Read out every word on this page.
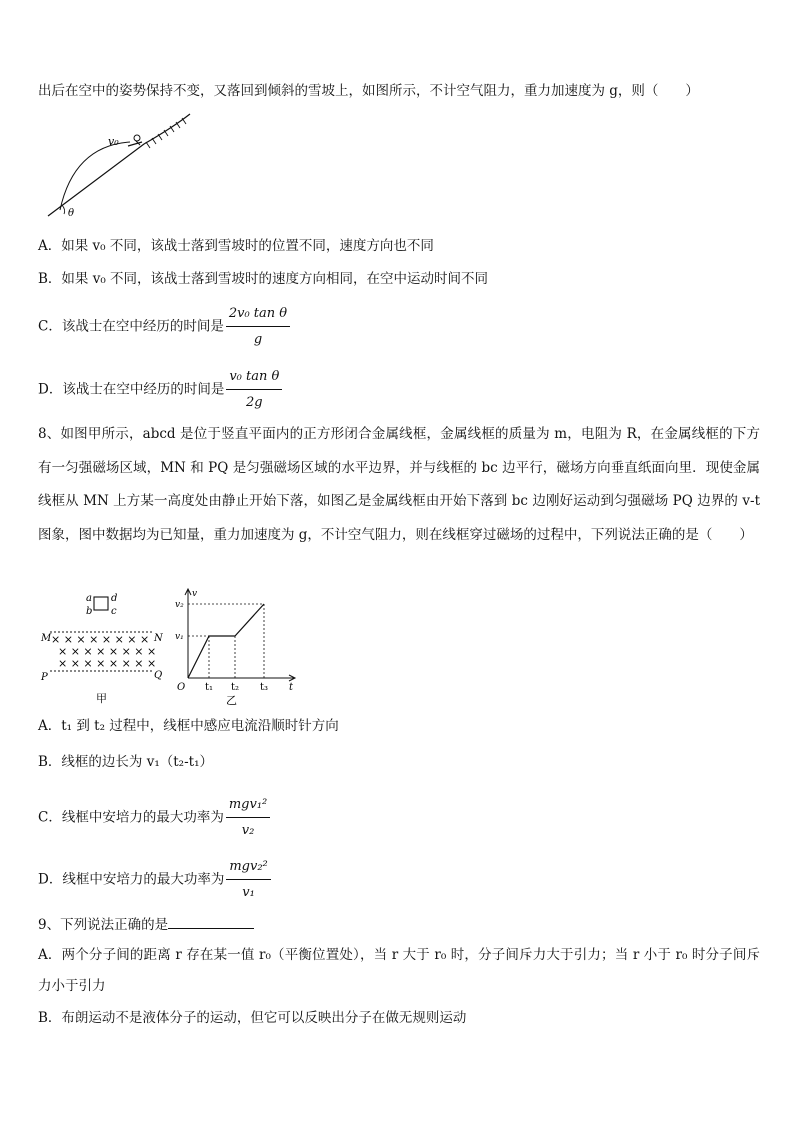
出后在空中的姿势保持不变，又落回到倾斜的雪坡上，如图所示，不计空气阻力，重力加速度为 g，则（　　）
v₀
θ
A．如果 v₀ 不同，该战士落到雪坡时的位置不同，速度方向也不同
B．如果 v₀ 不同，该战士落到雪坡时的速度方向相同，在空中运动时间不同
C．该战士在空中经历的时间是 $\frac{\text{2v₀ tan θ}}{g}$
D．该战士在空中经历的时间是 $\frac{\text{v₀ tan θ}}{2g}$
8、如图甲所示，abcd 是位于竖直平面内的正方形闭合金属线框，金属线框的质量为 m，电阻为 R，在金属线框的下方有一匀强磁场区域，MN 和 PQ 是匀强磁场区域的水平边界，并与线框的 bc 边平行，磁场方向垂直纸面向里．现使金属线框从 MN 上方某一高度处由静止开始下落，如图乙是金属线框由开始下落到 bc 边刚好运动到匀强磁场 PQ 边界的 v-t 图象，图中数据均为已知量，重力加速度为 g，不计空气阻力，则在线框穿过磁场的过程中，下列说法正确的是（　　）
a
b c
d
M	N
P	Q
× × × × × × × ×
× × × × × × × ×
× × × × × × × ×
甲
v
v₂
v₁
O t₁ t₂ t₃ t
乙
A．t₁ 到 t₂ 过程中，线框中感应电流沿顺时针方向
B．线框的边长为 v₁（t₂-t₁）
C．线框中安培力的最大功率为 $\frac{\text{mgv₁²}}{\text{v₂}}$
D．线框中安培力的最大功率为 $\frac{\text{mgv₂²}}{\text{v₁}}$
9、下列说法正确的是
A．两个分子间的距离 r 存在某一值 r₀（平衡位置处），当 r 大于 r₀ 时，分子间斥力大于引力；当 r 小于 r₀ 时分子间斥力小于引力
B．布朗运动不是液体分子的运动，但它可以反映出分子在做无规则运动
